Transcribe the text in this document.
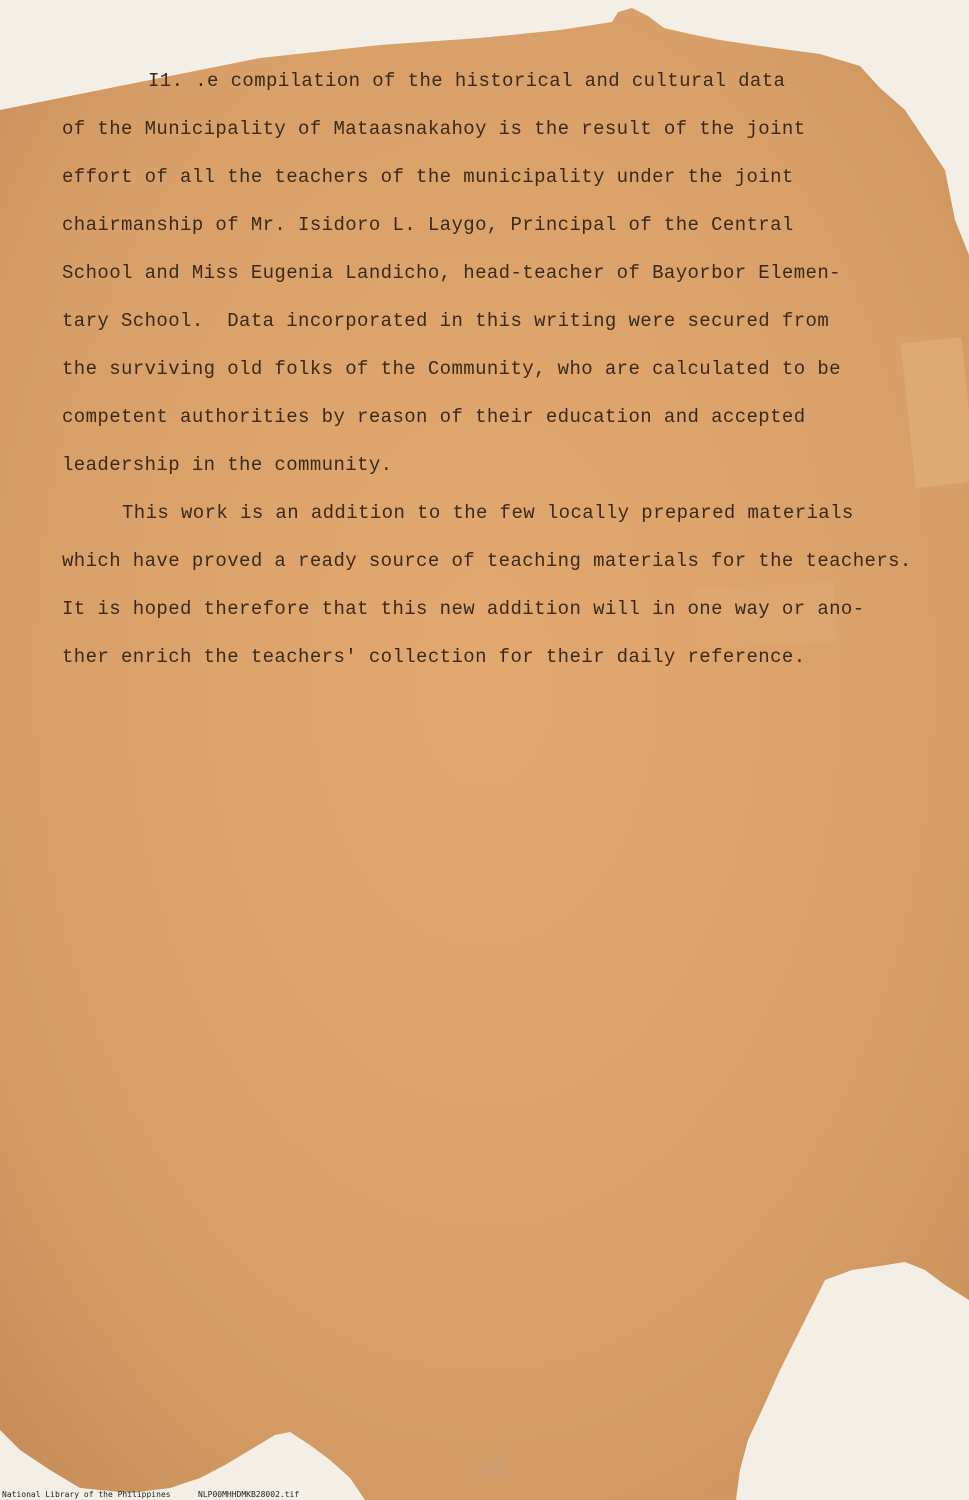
I1. .e compilation of the historical and cultural data
of the Municipality of Mataasnakahoy is the result of the joint
effort of all the teachers of the municipality under the joint
chairmanship of Mr. Isidoro L. Laygo, Principal of the Central
School and Miss Eugenia Landicho, head-teacher of Bayorbor Elemen-
tary School.  Data incorporated in this writing were secured from
the surviving old folks of the Community, who are calculated to be
competent authorities by reason of their education and accepted
leadership in the community.
This work is an addition to the few locally prepared materials
which have proved a ready source of teaching materials for the teachers.
It is hoped therefore that this new addition will in one way or ano-
ther enrich the teachers' collection for their daily reference.
34
National Library of the Philippines	NLP00MHHDMKB28002.tif
